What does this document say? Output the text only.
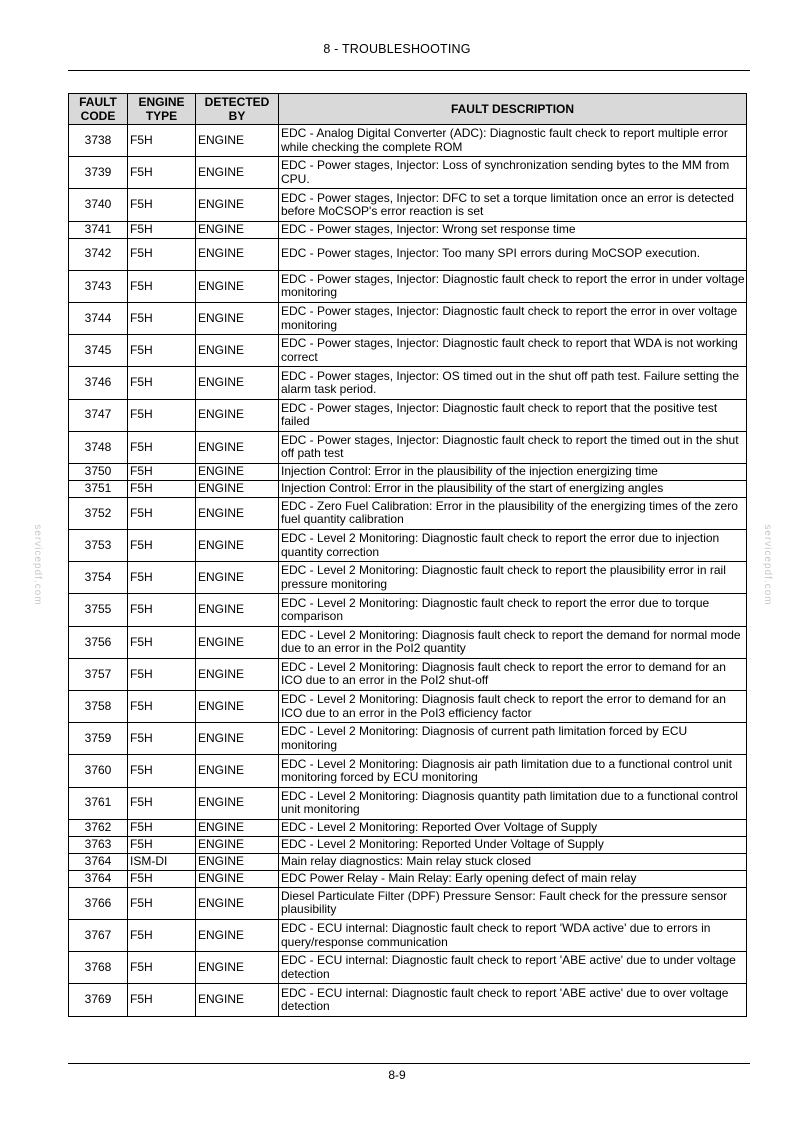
8 - TROUBLESHOOTING
servicepdf.com	servicepdf.com
FAULT CODE	ENGINE TYPE	DETECTED BY	FAULT DESCRIPTION
3738	F5H	ENGINE	EDC - Analog Digital Converter (ADC): Diagnostic fault check to report multiple error while checking the complete ROM
3739	F5H	ENGINE	EDC - Power stages, Injector: Loss of synchronization sending bytes to the MM from CPU.
3740	F5H	ENGINE	EDC - Power stages, Injector: DFC to set a torque limitation once an error is detected before MoCSOP's error reaction is set
3741	F5H	ENGINE	EDC - Power stages, Injector: Wrong set response time
3742	F5H	ENGINE	EDC - Power stages, Injector: Too many SPI errors during MoCSOP execution.
3743	F5H	ENGINE	EDC - Power stages, Injector: Diagnostic fault check to report the error in under voltage monitoring
3744	F5H	ENGINE	EDC - Power stages, Injector: Diagnostic fault check to report the error in over voltage monitoring
3745	F5H	ENGINE	EDC - Power stages, Injector: Diagnostic fault check to report that WDA is not working correct
3746	F5H	ENGINE	EDC - Power stages, Injector: OS timed out in the shut off path test. Failure setting the alarm task period.
3747	F5H	ENGINE	EDC - Power stages, Injector: Diagnostic fault check to report that the positive test failed
3748	F5H	ENGINE	EDC - Power stages, Injector: Diagnostic fault check to report the timed out in the shut off path test
3750	F5H	ENGINE	Injection Control: Error in the plausibility of the injection energizing time
3751	F5H	ENGINE	Injection Control: Error in the plausibility of the start of energizing angles
3752	F5H	ENGINE	EDC - Zero Fuel Calibration: Error in the plausibility of the energizing times of the zero fuel quantity calibration
3753	F5H	ENGINE	EDC - Level 2 Monitoring: Diagnostic fault check to report the error due to injection quantity correction
3754	F5H	ENGINE	EDC - Level 2 Monitoring: Diagnostic fault check to report the plausibility error in rail pressure monitoring
3755	F5H	ENGINE	EDC - Level 2 Monitoring: Diagnostic fault check to report the error due to torque comparison
3756	F5H	ENGINE	EDC - Level 2 Monitoring: Diagnosis fault check to report the demand for normal mode due to an error in the PoI2 quantity
3757	F5H	ENGINE	EDC - Level 2 Monitoring: Diagnosis fault check to report the error to demand for an ICO due to an error in the PoI2 shut-off
3758	F5H	ENGINE	EDC - Level 2 Monitoring: Diagnosis fault check to report the error to demand for an ICO due to an error in the PoI3 efficiency factor
3759	F5H	ENGINE	EDC - Level 2 Monitoring: Diagnosis of current path limitation forced by ECU monitoring
3760	F5H	ENGINE	EDC - Level 2 Monitoring: Diagnosis air path limitation due to a functional control unit monitoring forced by ECU monitoring
3761	F5H	ENGINE	EDC - Level 2 Monitoring: Diagnosis quantity path limitation due to a functional control unit monitoring
3762	F5H	ENGINE	EDC - Level 2 Monitoring: Reported Over Voltage of Supply
3763	F5H	ENGINE	EDC - Level 2 Monitoring: Reported Under Voltage of Supply
3764	ISM-DI	ENGINE	Main relay diagnostics: Main relay stuck closed
3764	F5H	ENGINE	EDC Power Relay - Main Relay: Early opening defect of main relay
3766	F5H	ENGINE	Diesel Particulate Filter (DPF) Pressure Sensor: Fault check for the pressure sensor plausibility
3767	F5H	ENGINE	EDC - ECU internal: Diagnostic fault check to report 'WDA active' due to errors in query/response communication
3768	F5H	ENGINE	EDC - ECU internal: Diagnostic fault check to report 'ABE active' due to under voltage detection
3769	F5H	ENGINE	EDC - ECU internal: Diagnostic fault check to report 'ABE active' due to over voltage detection
8-9
